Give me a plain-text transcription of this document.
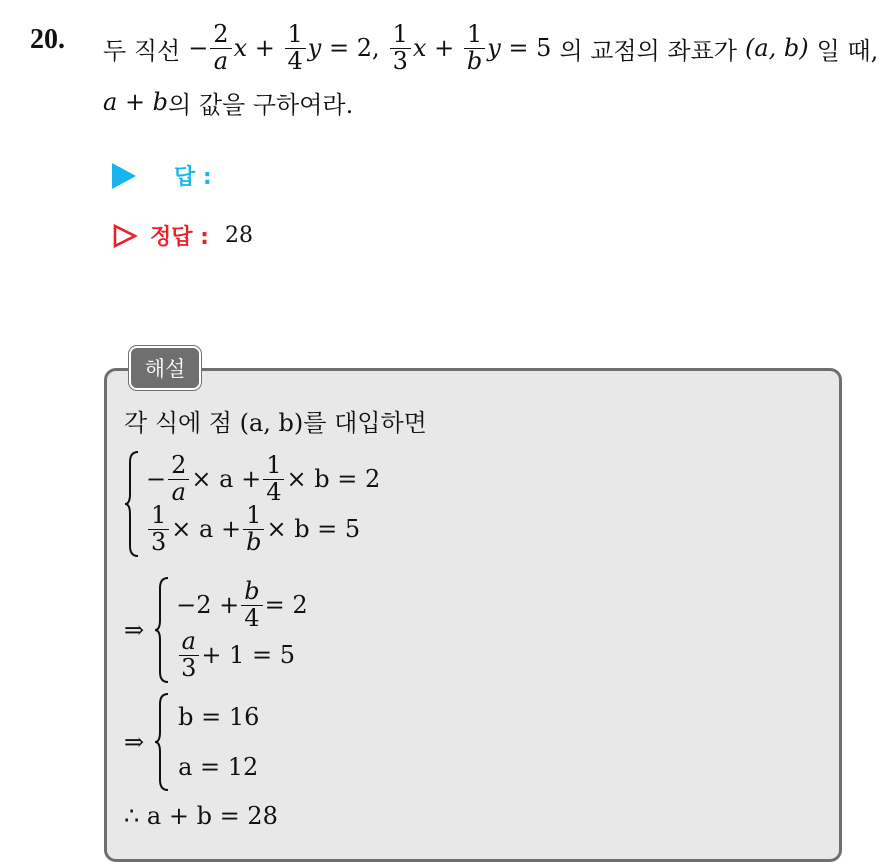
20. 두 직선 − $\frac{2}{a}$ $x + \frac{1}{4}$ y = 2 , $\frac{1}{3}$ $x + \frac{1}{b}$ y = 5 의 교점의 좌표가 (a, b) 일 때,
a + b 의 값을 구하여라.
답 :
정답 : 28
해설
각 식에 점 (a, b)를 대입하면
− $\frac{2}{a} \times a + \frac{1}{4} \times b = 2$
$\frac{1}{3} \times a + \frac{1}{b} \times b = 5$
⇒
$-2 + \frac{b}{4} = 2$
$\frac{a}{3} + 1 = 5$
⇒
b = 16
a = 12
∴ a + b = 28
